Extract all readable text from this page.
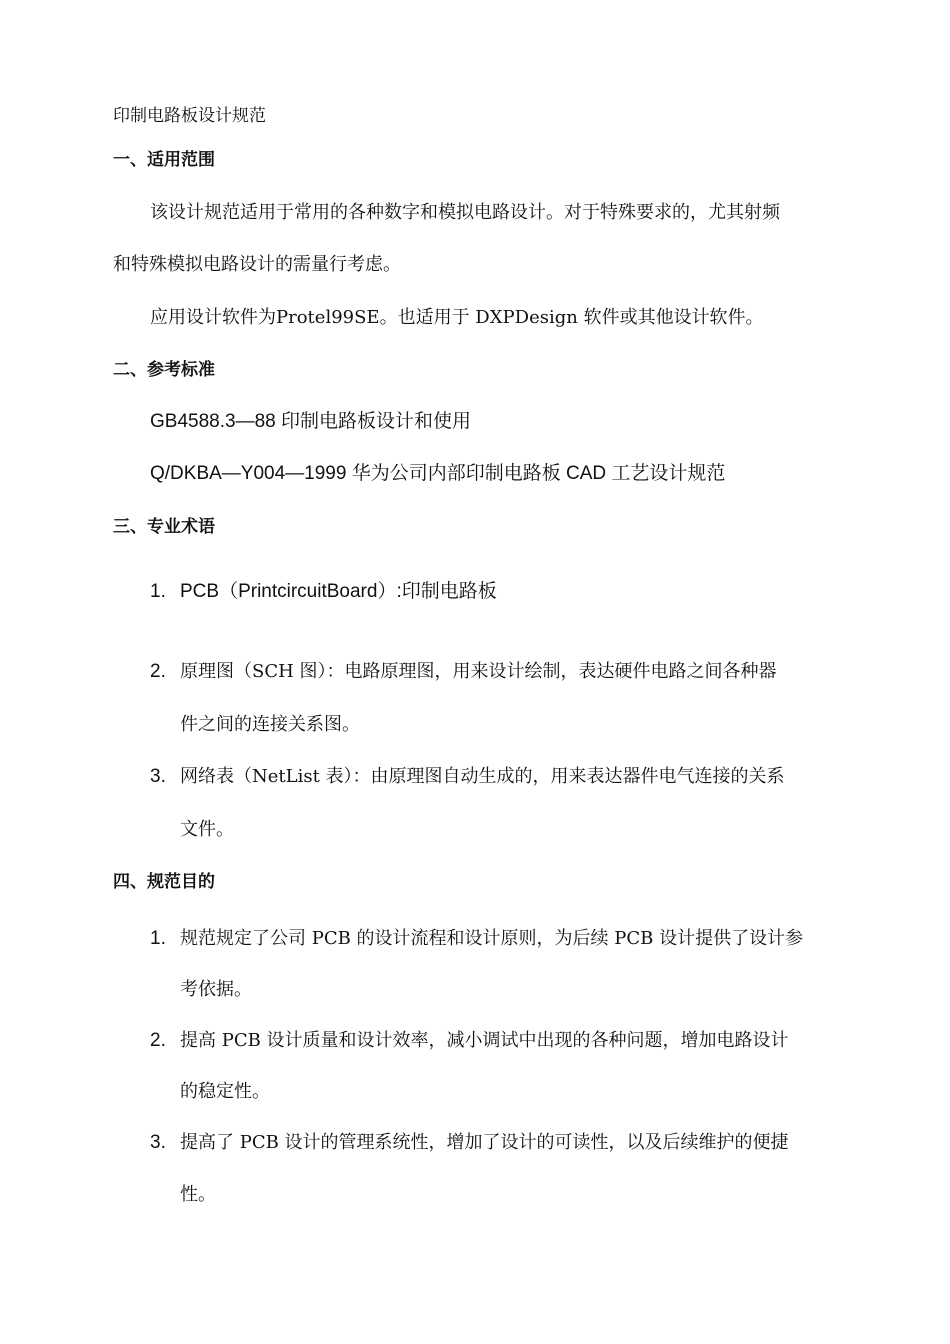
印制电路板设计规范
一、适用范围
该设计规范适用于常用的各种数字和模拟电路设计。对于特殊要求的，尤其射频
和特殊模拟电路设计的需量行考虑。
应用设计软件为Protel99SE。也适用于 DXPDesign 软件或其他设计软件。
二、参考标准
GB4588.3—88 印制电路板设计和使用
Q/DKBA—Y004—1999 华为公司内部印制电路板 CAD 工艺设计规范
三、专业术语
1. PCB（PrintcircuitBoard）:印制电路板
2. 原理图（SCH 图）：电路原理图，用来设计绘制，表达硬件电路之间各种器
件之间的连接关系图。
3. 网络表（NetList 表）：由原理图自动生成的，用来表达器件电气连接的关系
文件。
四、规范目的
1. 规范规定了公司 PCB 的设计流程和设计原则，为后续 PCB 设计提供了设计参
考依据。
2. 提高 PCB 设计质量和设计效率，减小调试中出现的各种问题，增加电路设计
的稳定性。
3. 提高了 PCB 设计的管理系统性，增加了设计的可读性，以及后续维护的便捷
性。
